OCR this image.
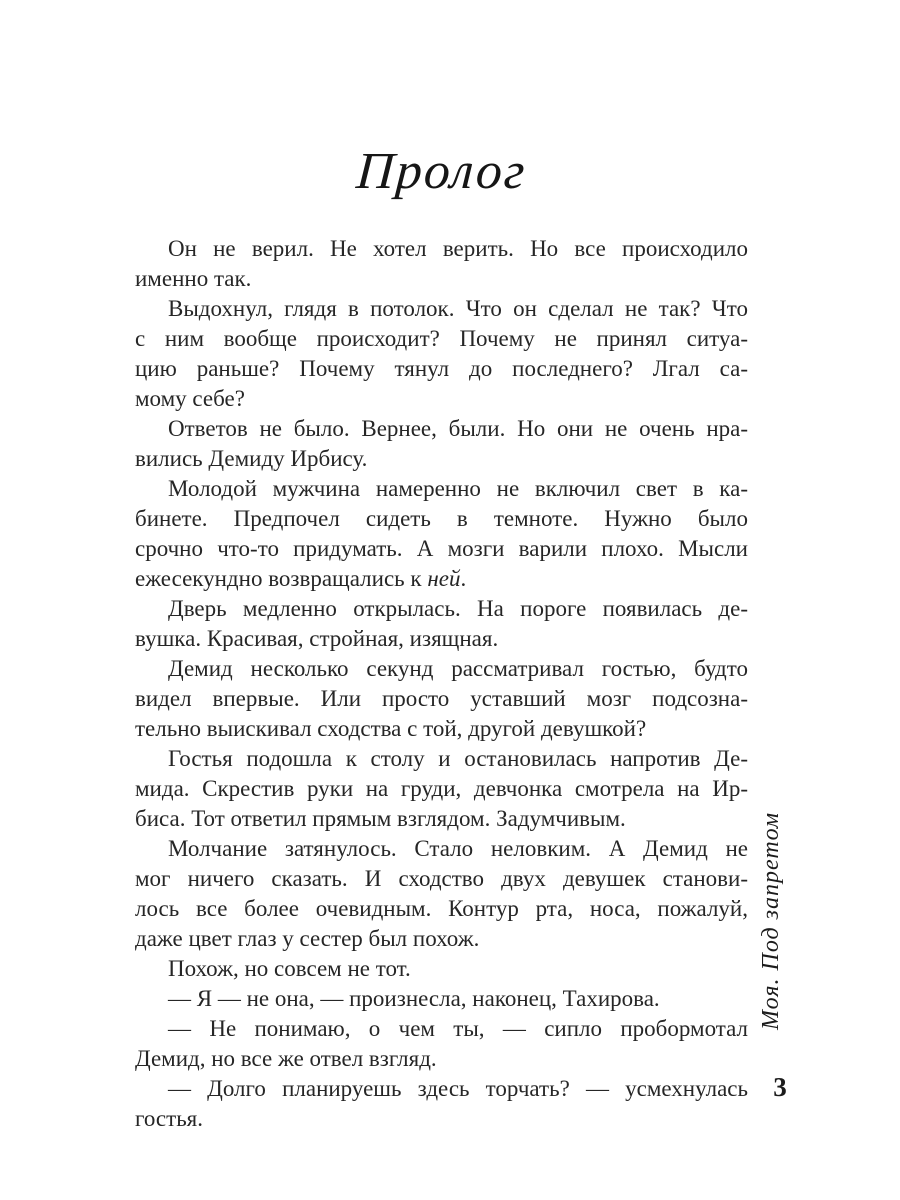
Пролог

Он не верил. Не хотел верить. Но все происходило
именно так.

Выдохнул, глядя в потолок. Что он сделал не так? Что
с ним вообще происходит? Почему не принял ситуа-
цию раньше? Почему тянул до последнего? Лгал са-
мому себе?

Ответов не было. Вернее, были. Но они не очень нра-
вились Демиду Ирбису.

Молодой мужчина намеренно не включил свет в ка-
бинете. Предпочел сидеть в темноте. Нужно было
срочно что-то придумать. А мозги варили плохо. Мысли
ежесекундно возвращались к ней.

Дверь медленно открылась. На пороге появилась де-
вушка. Красивая, стройная, изящная.

Демид несколько секунд рассматривал гостью, будто
видел впервые. Или просто уставший мозг подсозна-
тельно выискивал сходства с той, другой девушкой?

Гостья подошла к столу и остановилась напротив Де-
мида. Скрестив руки на груди, девчонка смотрела на Ир-
биса. Тот ответил прямым взглядом. Задумчивым.

Молчание затянулось. Стало неловким. А Демид не
мог ничего сказать. И сходство двух девушек станови-
лось все более очевидным. Контур рта, носа, пожалуй,
даже цвет глаз у сестер был похож.

Похож, но совсем не тот.

— Я — не она, — произнесла, наконец, Тахирова.

— Не понимаю, о чем ты, — сипло пробормотал
Демид, но все же отвел взгляд.

— Долго планируешь здесь торчать? — усмехнулась
гостья.

Моя. Под запретом
3
